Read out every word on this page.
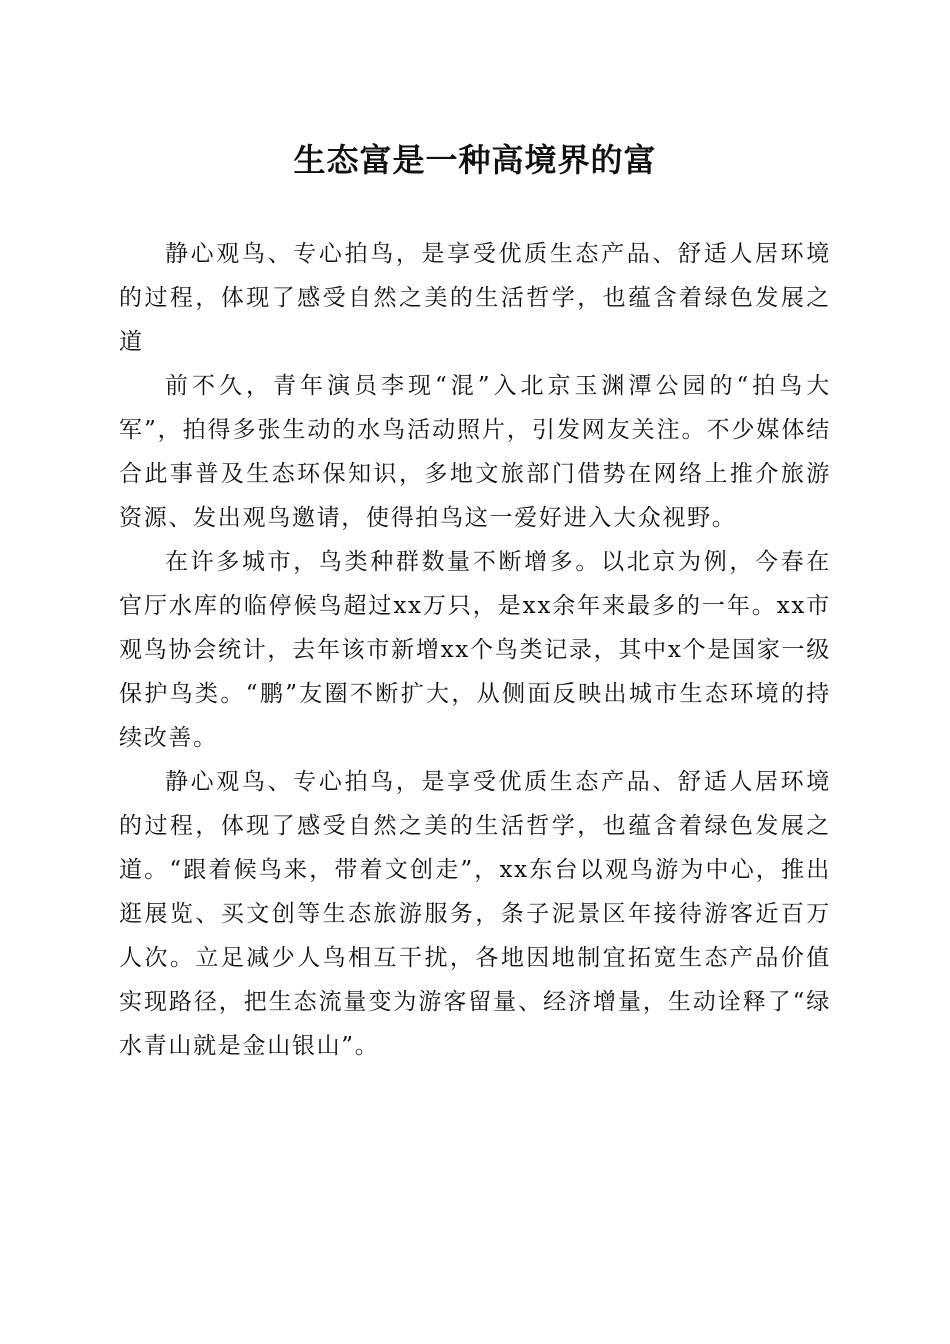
生态富是一种高境界的富

静心观鸟、专心拍鸟，是享受优质生态产品、舒适人居环境的过程，体现了感受自然之美的生活哲学，也蕴含着绿色发展之道

前不久，青年演员李现“混”入北京玉渊潭公园的“拍鸟大军”，拍得多张生动的水鸟活动照片，引发网友关注。不少媒体结合此事普及生态环保知识，多地文旅部门借势在网络上推介旅游资源、发出观鸟邀请，使得拍鸟这一爱好进入大众视野。

在许多城市，鸟类种群数量不断增多。以北京为例，今春在官厅水库的临停候鸟超过xx万只，是xx余年来最多的一年。xx市观鸟协会统计，去年该市新增xx个鸟类记录，其中x个是国家一级保护鸟类。“鹏”友圈不断扩大，从侧面反映出城市生态环境的持续改善。

静心观鸟、专心拍鸟，是享受优质生态产品、舒适人居环境的过程，体现了感受自然之美的生活哲学，也蕴含着绿色发展之道。“跟着候鸟来，带着文创走”，xx东台以观鸟游为中心，推出逛展览、买文创等生态旅游服务，条子泥景区年接待游客近百万人次。立足减少人鸟相互干扰，各地因地制宜拓宽生态产品价值实现路径，把生态流量变为游客留量、经济增量，生动诠释了“绿水青山就是金山银山”。
